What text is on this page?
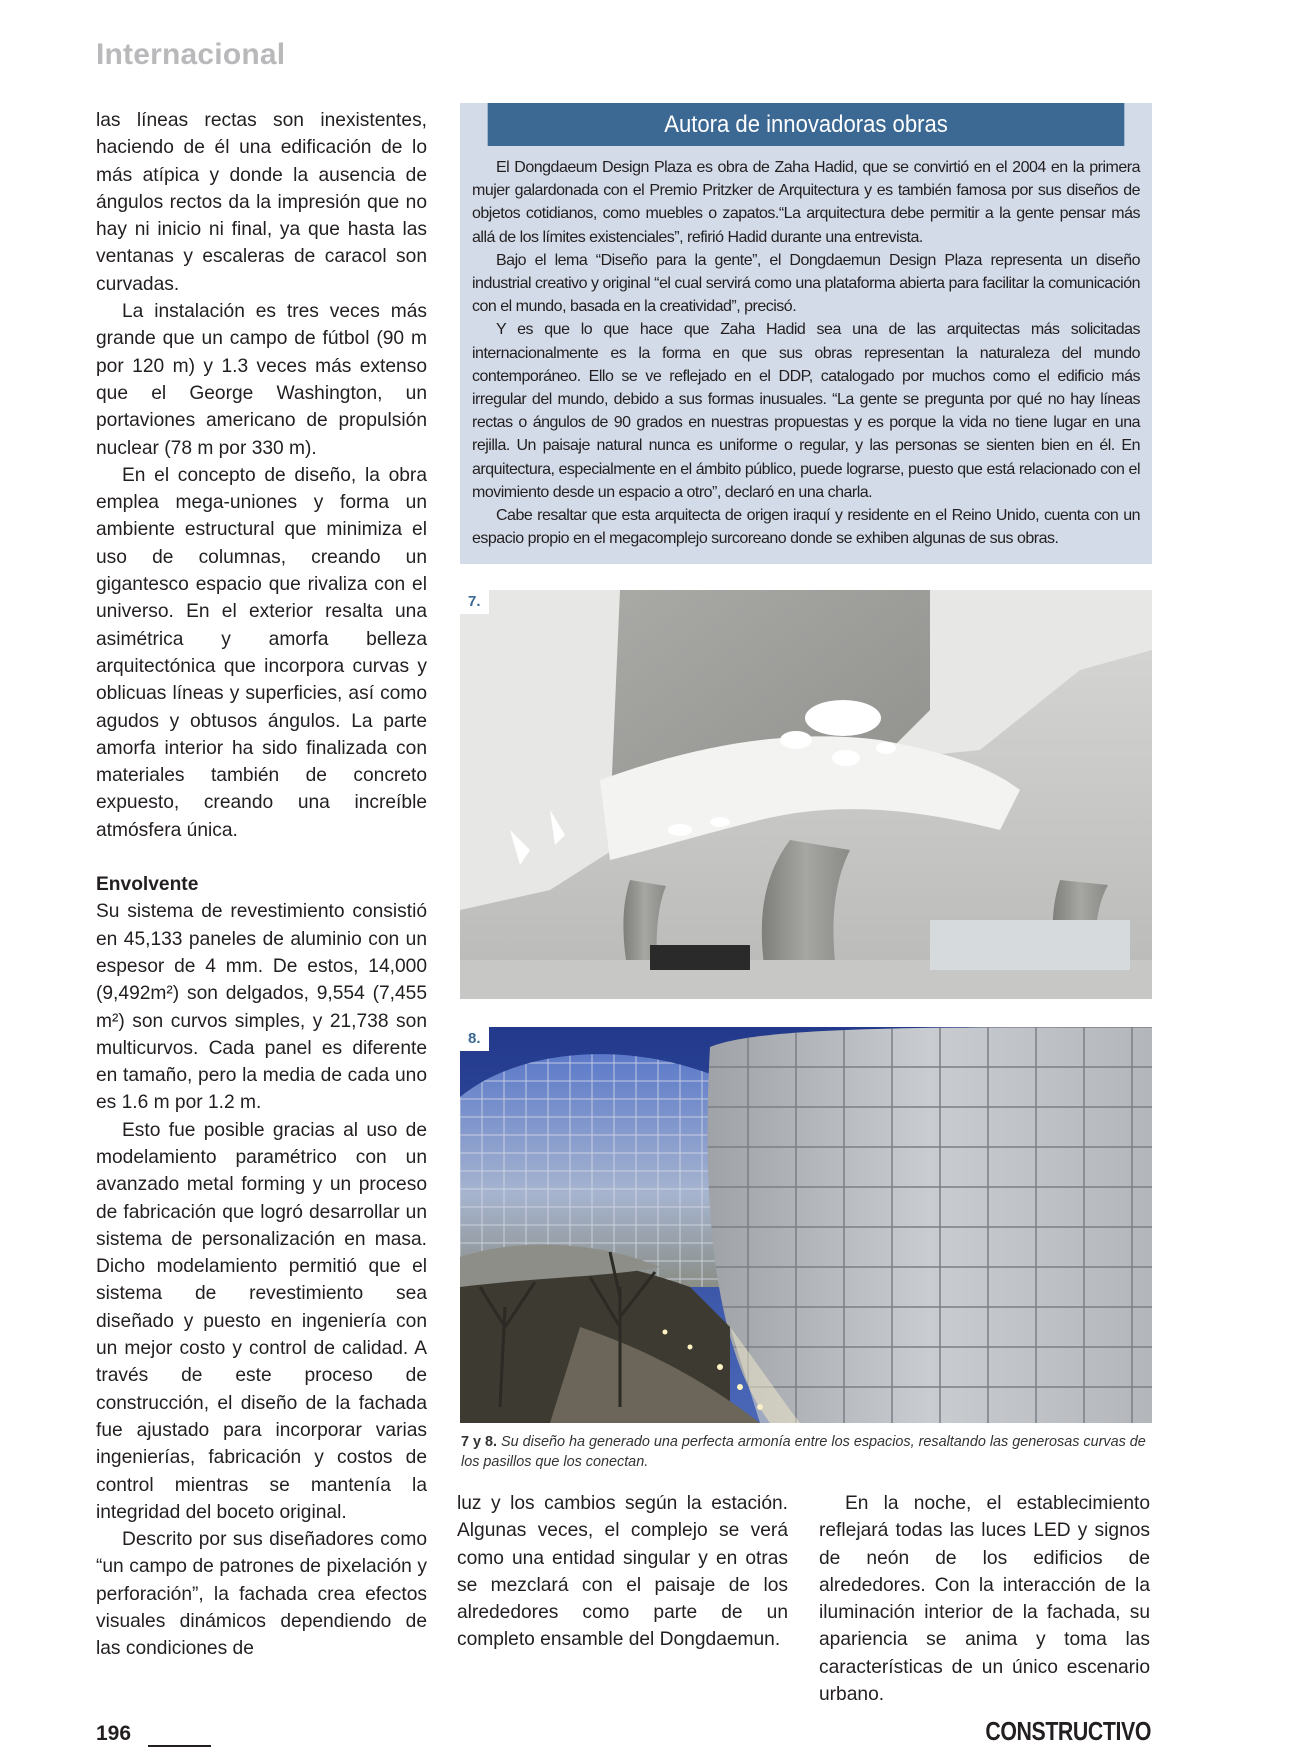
Internacional

las líneas rectas son inexistentes, haciendo de él una edificación de lo más atípica y donde la ausencia de ángulos rectos da la impresión que no hay ni inicio ni final, ya que hasta las ventanas y escaleras de caracol son curvadas.

La instalación es tres veces más grande que un campo de fútbol (90 m por 120 m) y 1.3 veces más extenso que el George Washington, un portaviones americano de propulsión nuclear (78 m por 330 m).

En el concepto de diseño, la obra emplea mega-uniones y forma un ambiente estructural que minimiza el uso de columnas, creando un gigantesco espacio que rivaliza con el universo. En el exterior resalta una asimétrica y amorfa belleza arquitectónica que incorpora curvas y oblicuas líneas y superficies, así como agudos y obtusos ángulos. La parte amorfa interior ha sido finalizada con materiales también de concreto expuesto, creando una increíble atmósfera única.

Envolvente

Su sistema de revestimiento consistió en 45,133 paneles de aluminio con un espesor de 4 mm. De estos, 14,000 (9,492m²) son delgados, 9,554 (7,455 m²) son curvos simples, y 21,738 son multicurvos. Cada panel es diferente en tamaño, pero la media de cada uno es 1.6 m por 1.2 m.

Esto fue posible gracias al uso de modelamiento paramétrico con un avanzado metal forming y un proceso de fabricación que logró desarrollar un sistema de personalización en masa. Dicho modelamiento permitió que el sistema de revestimiento sea diseñado y puesto en ingeniería con un mejor costo y control de calidad. A través de este proceso de construcción, el diseño de la fachada fue ajustado para incorporar varias ingenierías, fabricación y costos de control mientras se mantenía la integridad del boceto original.

Descrito por sus diseñadores como “un campo de patrones de pixelación y perforación”, la fachada crea efectos visuales dinámicos dependiendo de las condiciones de

Autora de innovadoras obras

El Dongdaeum Design Plaza es obra de Zaha Hadid, que se convirtió en el 2004 en la primera mujer galardonada con el Premio Pritzker de Arquitectura y es también famosa por sus diseños de objetos cotidianos, como muebles o zapatos.“La arquitectura debe permitir a la gente pensar más allá de los límites existenciales”, refirió Hadid durante una entrevista.

Bajo el lema “Diseño para la gente”, el Dongdaemun Design Plaza representa un diseño industrial creativo y original “el cual servirá como una plataforma abierta para facilitar la comunicación con el mundo, basada en la creatividad”, precisó.

Y es que lo que hace que Zaha Hadid sea una de las arquitectas más solicitadas internacionalmente es la forma en que sus obras representan la naturaleza del mundo contemporáneo. Ello se ve reflejado en el DDP, catalogado por muchos como el edificio más irregular del mundo, debido a sus formas inusuales. “La gente se pregunta por qué no hay líneas rectas o ángulos de 90 grados en nuestras propuestas y es porque la vida no tiene lugar en una rejilla. Un paisaje natural nunca es uniforme o regular, y las personas se sienten bien en él. En arquitectura, especialmente en el ámbito público, puede lograrse, puesto que está relacionado con el movimiento desde un espacio a otro”, declaró en una charla.

Cabe resaltar que esta arquitecta de origen iraquí y residente en el Reino Unido, cuenta con un espacio propio en el megacomplejo surcoreano donde se exhiben algunas de sus obras.

7.
8.
7 y 8. Su diseño ha generado una perfecta armonía entre los espacios, resaltando las generosas curvas de los pasillos que los conectan.

luz y los cambios según la estación. Algunas veces, el complejo se verá como una entidad singular y en otras se mezclará con el paisaje de los alrededores como parte de un completo ensamble del Dongdaemun.

En la noche, el establecimiento reflejará todas las luces LED y signos de neón de los edificios de alrededores. Con la interacción de la iluminación interior de la fachada, su apariencia se anima y toma las características de un único escenario urbano.

196	CONSTRUCTIVO
